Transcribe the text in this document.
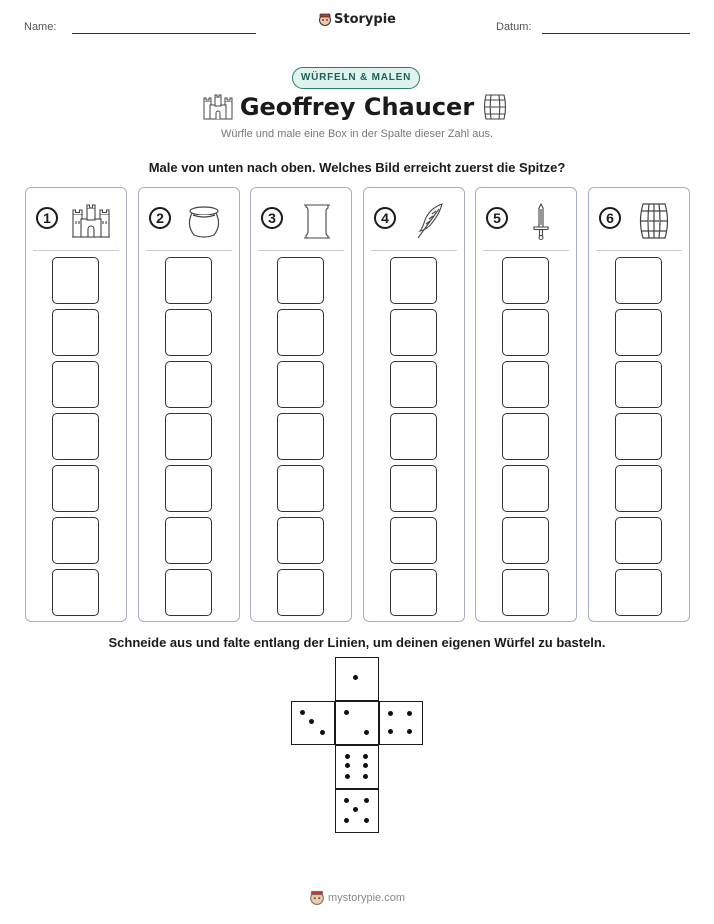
Name:	Storypie	Datum:
WÜRFELN & MALEN
Geoffrey Chaucer
Würfle und male eine Box in der Spalte dieser Zahl aus.
Male von unten nach oben. Welches Bild erreicht zuerst die Spitze?
1	2	3	4	5	6
Schneide aus und falte entlang der Linien, um deinen eigenen Würfel zu basteln.
mystorypie.com
